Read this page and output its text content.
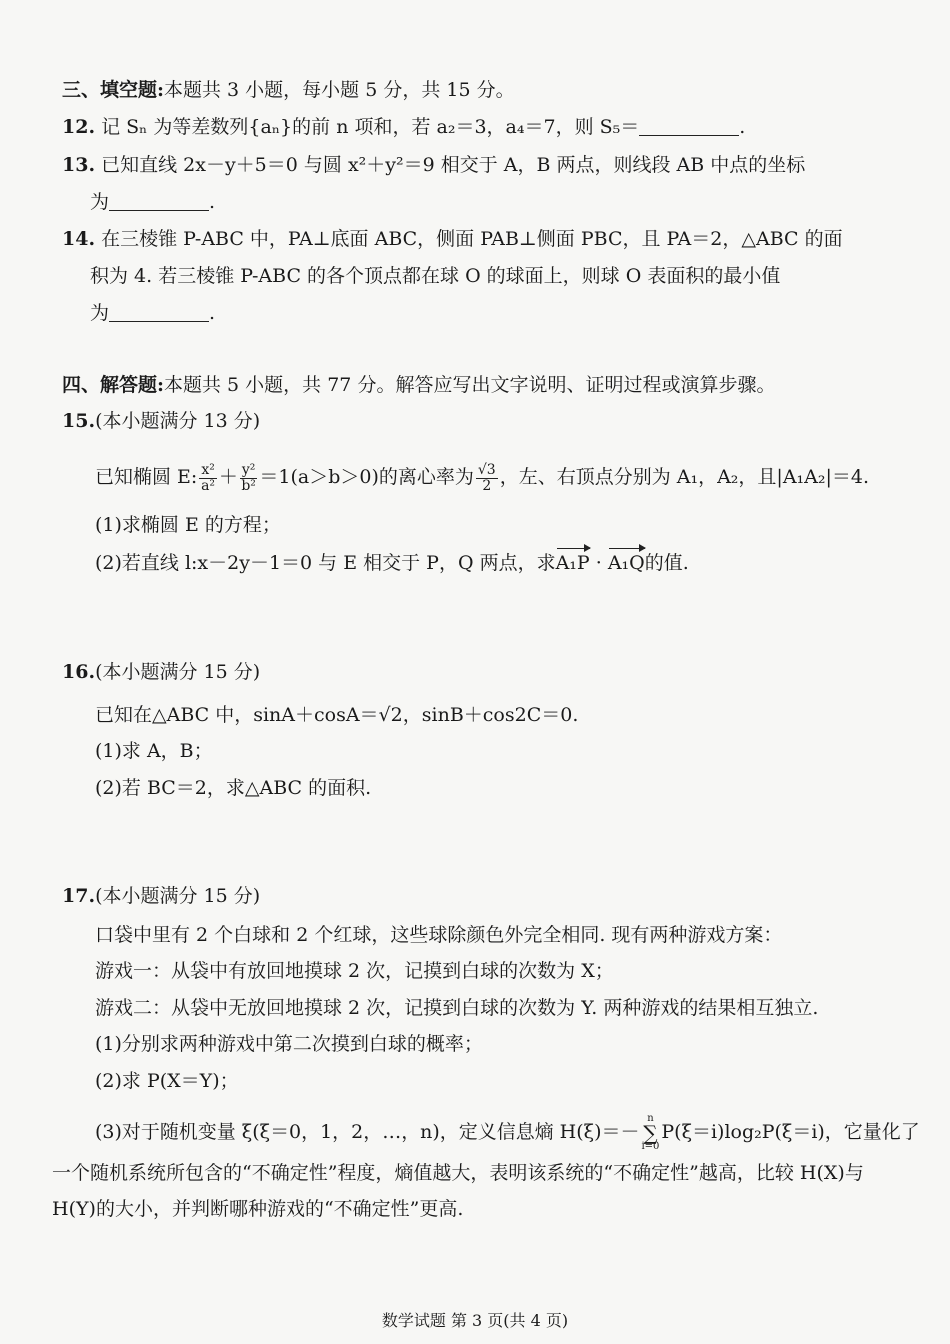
三、填空题:本题共 3 小题，每小题 5 分，共 15 分。
12. 记 Sₙ 为等差数列{aₙ}的前 n 项和，若 a₂＝3，a₄＝7，则 S₅＝	.
13. 已知直线 2x－y＋5＝0 与圆 x²＋y²＝9 相交于 A，B 两点，则线段 AB 中点的坐标
为	.
14. 在三棱锥 P-ABC 中，PA⊥底面 ABC，侧面 PAB⊥侧面 PBC，且 PA＝2，△ABC 的面
积为 4. 若三棱锥 P-ABC 的各个顶点都在球 O 的球面上，则球 O 表面积的最小值
为	.
四、解答题:本题共 5 小题，共 77 分。解答应写出文字说明、证明过程或演算步骤。
15.(本小题满分 13 分)
已知椭圆 E: $\frac{\text{x²}}{\text{a²}} + \frac{\text{y²}}{\text{b²}} =1(a>b>0)$的离心率为 $\frac{√3}{2}$ ，左、右顶点分别为 A₁，A₂，且|A₁A₂|＝4.
(1)求椭圆 E 的方程；
(2)若直线 l:x－2y－1＝0 与 E 相交于 P，Q 两点，求A₁P · A₁Q的值.
16.(本小题满分 15 分)
已知在△ABC 中，sinA＋cosA＝√2，sinB＋cos2C＝0.
(1)求 A，B；
(2)若 BC＝2，求△ABC 的面积.
17.(本小题满分 15 分)
口袋中里有 2 个白球和 2 个红球，这些球除颜色外完全相同. 现有两种游戏方案：
游戏一：从袋中有放回地摸球 2 次，记摸到白球的次数为 X；
游戏二：从袋中无放回地摸球 2 次，记摸到白球的次数为 Y. 两种游戏的结果相互独立.
(1)分别求两种游戏中第二次摸到白球的概率；
(2)求 P(X＝Y)；
(3)对于随机变量 ξ(ξ＝0，1，2，…，n)，定义信息熵 H(ξ)＝－n
∑
i=0P(ξ＝i)log₂P(ξ＝i)，它量化了
一个随机系统所包含的“不确定性”程度，熵值越大，表明该系统的“不确定性”越高，比较 H(X)与
H(Y)的大小，并判断哪种游戏的“不确定性”更高.
数学试题 第 3 页(共 4 页)
